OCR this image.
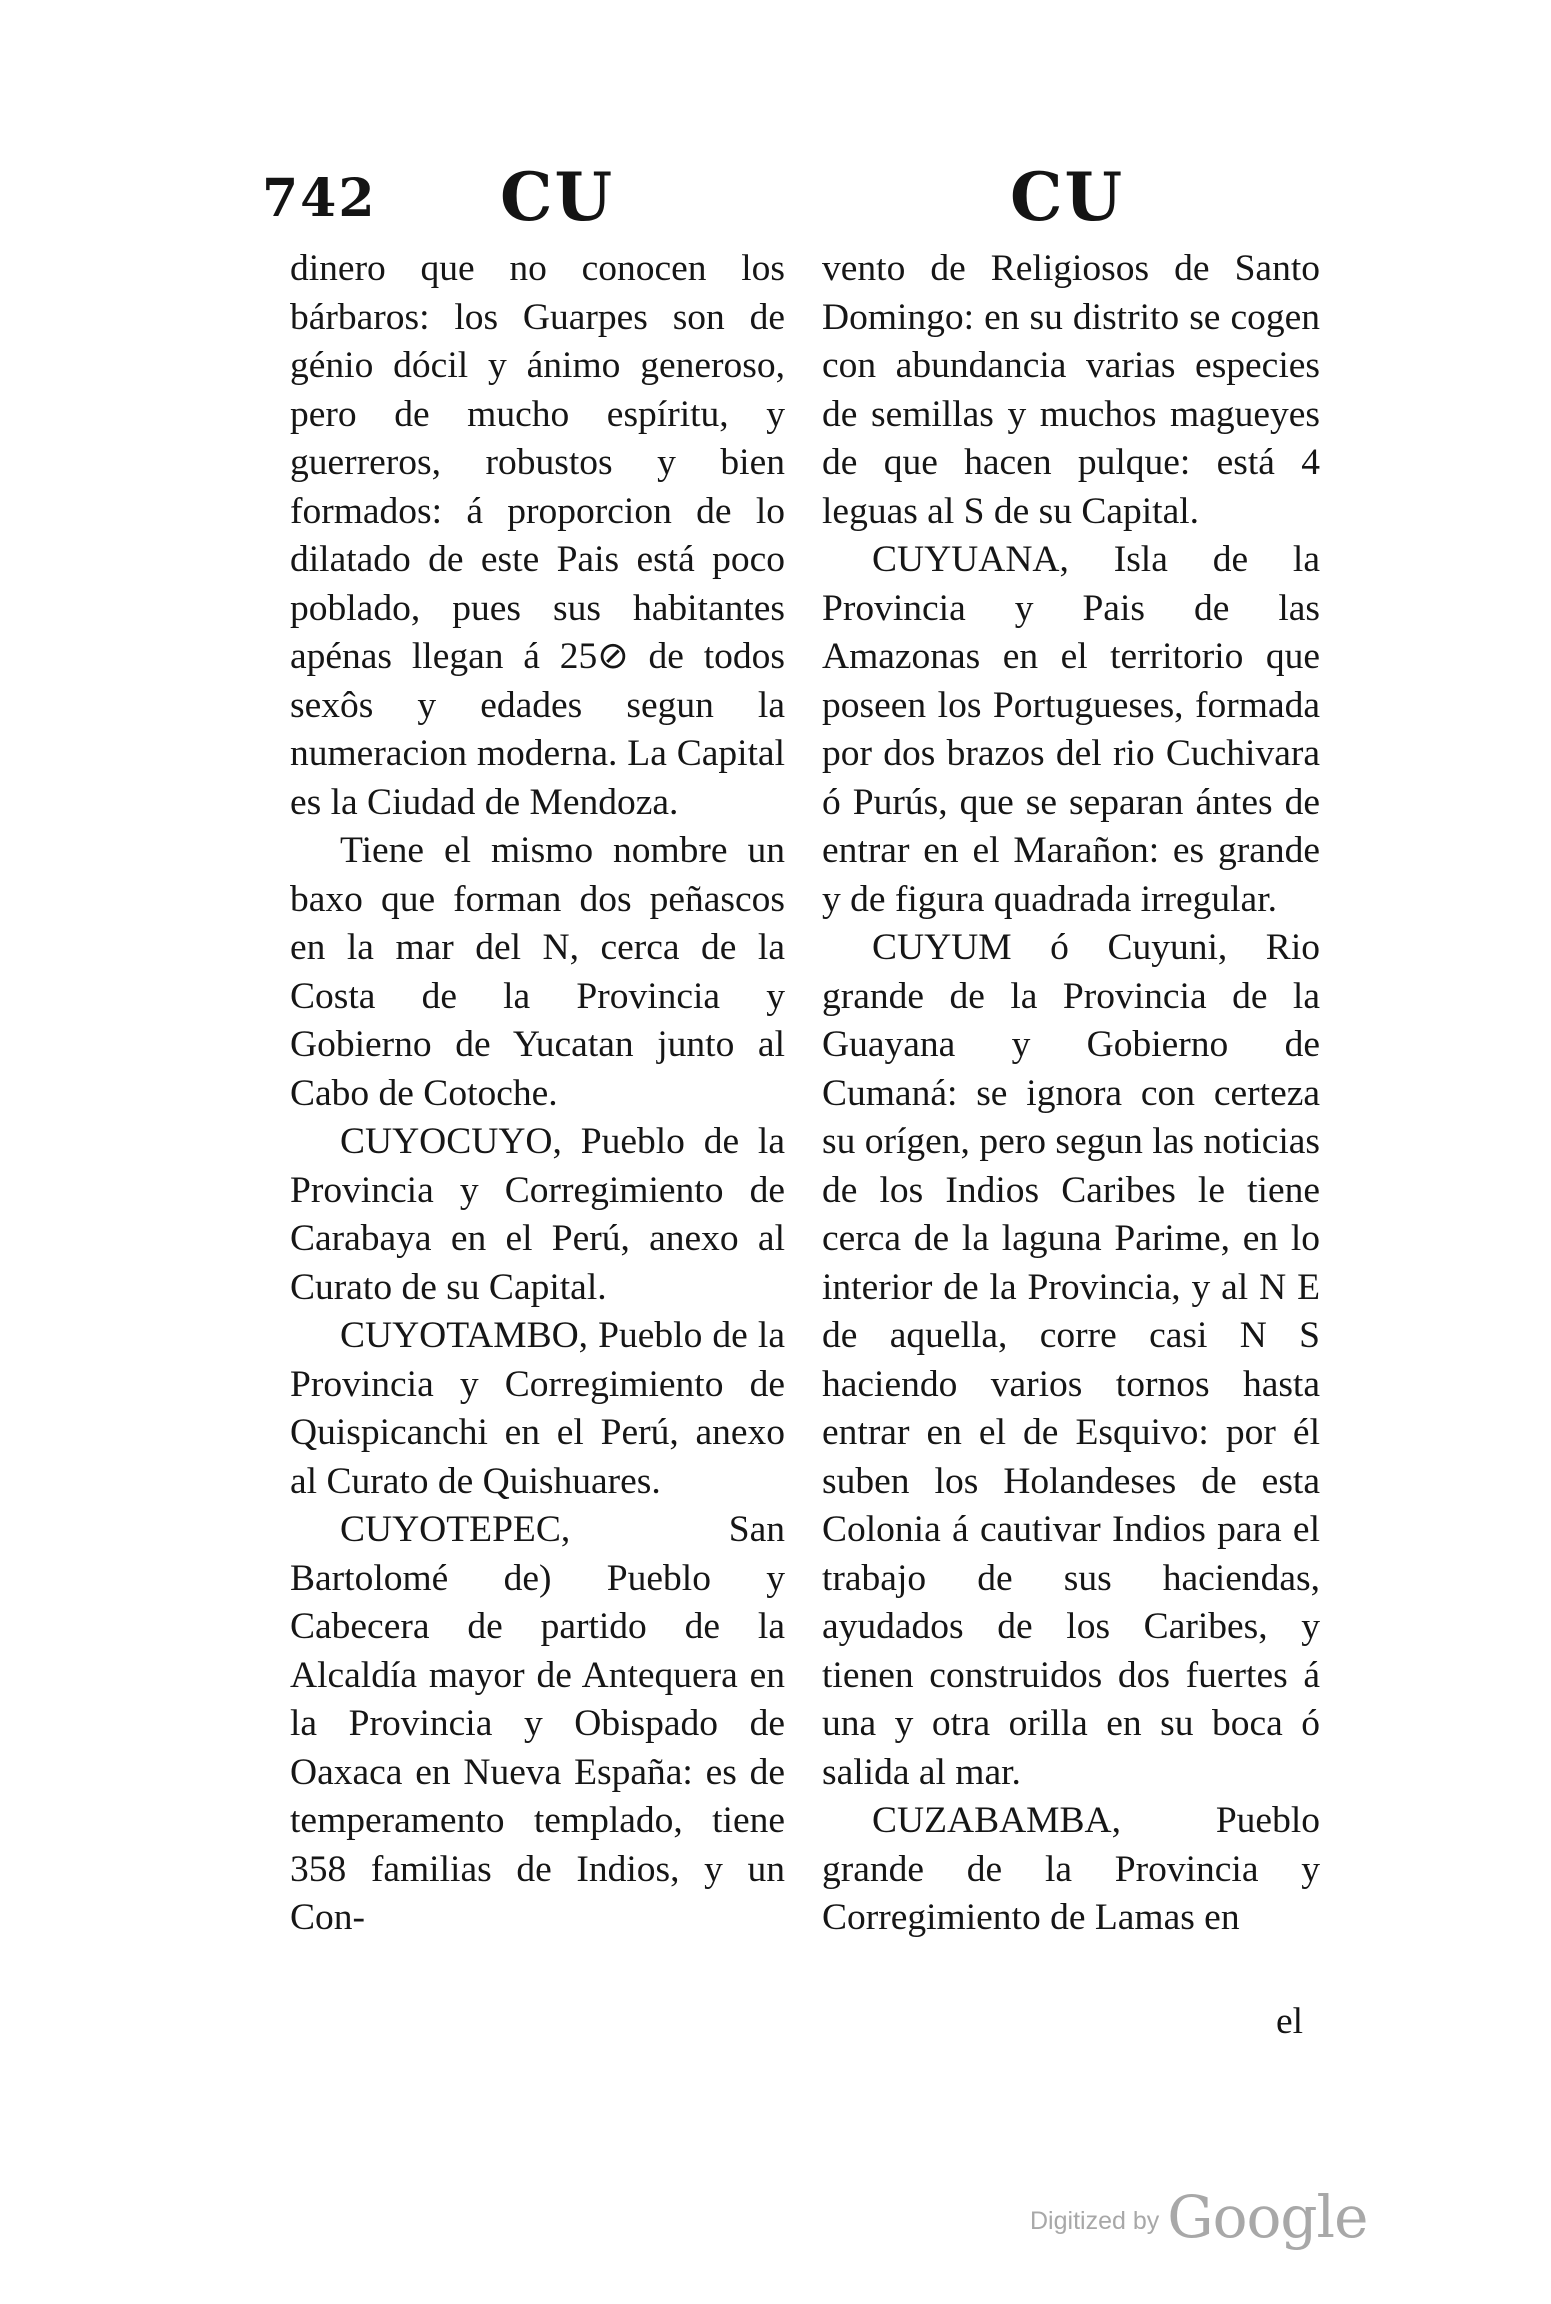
742 CU	CU

dinero que no conocen los bárbaros: los Guarpes son de génio dócil y ánimo generoso, pero de mucho espíritu, y guerreros, robustos y bien formados: á proporcion de lo dilatado de este Pais está poco poblado, pues sus habitantes apénas llegan á 25⊘ de todos sexôs y edades segun la numeracion moderna. La Capital es la Ciudad de Mendoza.

Tiene el mismo nombre un baxo que forman dos peñascos en la mar del N, cerca de la Costa de la Provincia y Gobierno de Yucatan junto al Cabo de Cotoche.

CUYOCUYO, Pueblo de la Provincia y Corregimiento de Carabaya en el Perú, anexo al Curato de su Capital.

CUYOTAMBO, Pueblo de la Provincia y Corregimiento de Quispicanchi en el Perú, anexo al Curato de Quishuares.

CUYOTEPEC, San Bartolomé de) Pueblo y Cabecera de partido de la Alcaldía mayor de Antequera en la Provincia y Obispado de Oaxaca en Nueva España: es de temperamento templado, tiene 358 familias de Indios, y un Con-

vento de Religiosos de Santo Domingo: en su distrito se cogen con abundancia varias especies de semillas y muchos magueyes de que hacen pulque: está 4 leguas al S de su Capital.

CUYUANA, Isla de la Provincia y Pais de las Amazonas en el territorio que poseen los Portugueses, formada por dos brazos del rio Cuchivara ó Purús, que se separan ántes de entrar en el Marañon: es grande y de figura quadrada irregular.

CUYUM ó Cuyuni, Rio grande de la Provincia de la Guayana y Gobierno de Cumaná: se ignora con certeza su orígen, pero segun las noticias de los Indios Caribes le tiene cerca de la laguna Parime, en lo interior de la Provincia, y al N E de aquella, corre casi N S haciendo varios tornos hasta entrar en el de Esquivo: por él suben los Holandeses de esta Colonia á cautivar Indios para el trabajo de sus haciendas, ayudados de los Caribes, y tienen construidos dos fuertes á una y otra orilla en su boca ó salida al mar.

CUZABAMBA, Pueblo grande de la Provincia y Corregimiento de Lamas en

el
Digitized by Google
